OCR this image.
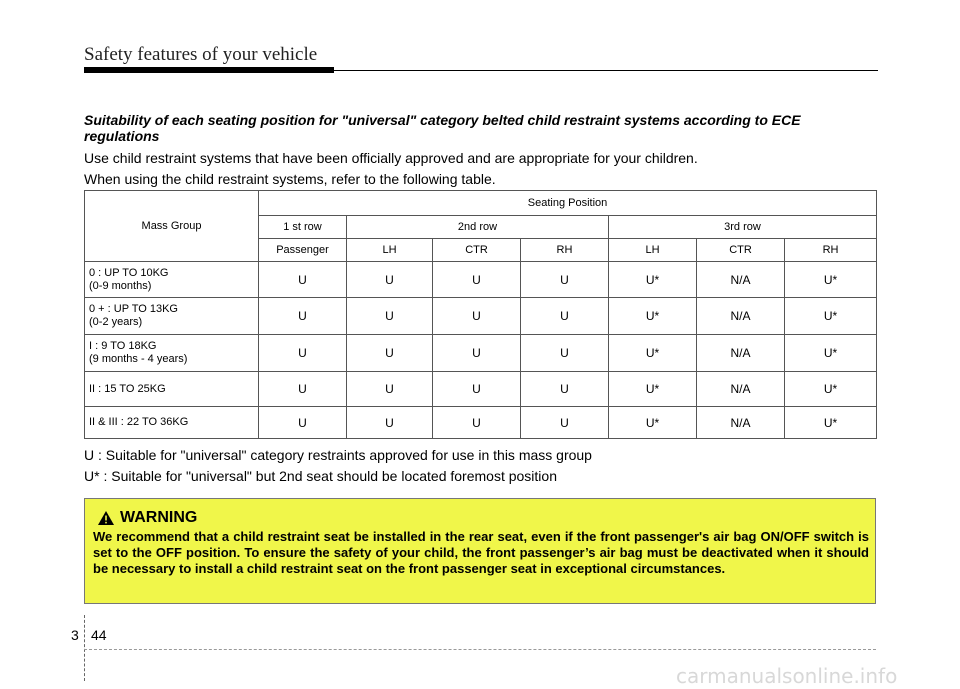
Safety features of your vehicle
Suitability of each seating position for "universal" category belted child restraint systems according to ECE regulations
Use child restraint systems that have been officially approved and are appropriate for your children.
When using the child restraint systems, refer to the following table.
Mass Group	Seating Position						
	1 st row	2nd row			3rd row		
	Passenger	LH	CTR	RH	LH	CTR	RH
0 : UP TO 10KG
(0-9 months)	U	U	U	U	U*	N/A	U*
0 + : UP TO 13KG
(0-2 years)	U	U	U	U	U*	N/A	U*
I : 9 TO 18KG
(9 months - 4 years)	U	U	U	U	U*	N/A	U*
II : 15 TO 25KG	U	U	U	U	U*	N/A	U*
II & III : 22 TO 36KG	U	U	U	U	U*	N/A	U*
U : Suitable for "universal" category restraints approved for use in this mass group
U* : Suitable for "universal" but 2nd seat should be located foremost position
WARNING
We recommend that a child restraint seat be installed in the rear seat, even if the front passenger's air bag ON/OFF switch is set to the OFF position. To ensure the safety of your child, the front passenger’s air bag must be deactivated when it should be necessary to install a child restraint seat on the front passenger seat in exceptional circumstances.
3 44
carmanualsonline.info
